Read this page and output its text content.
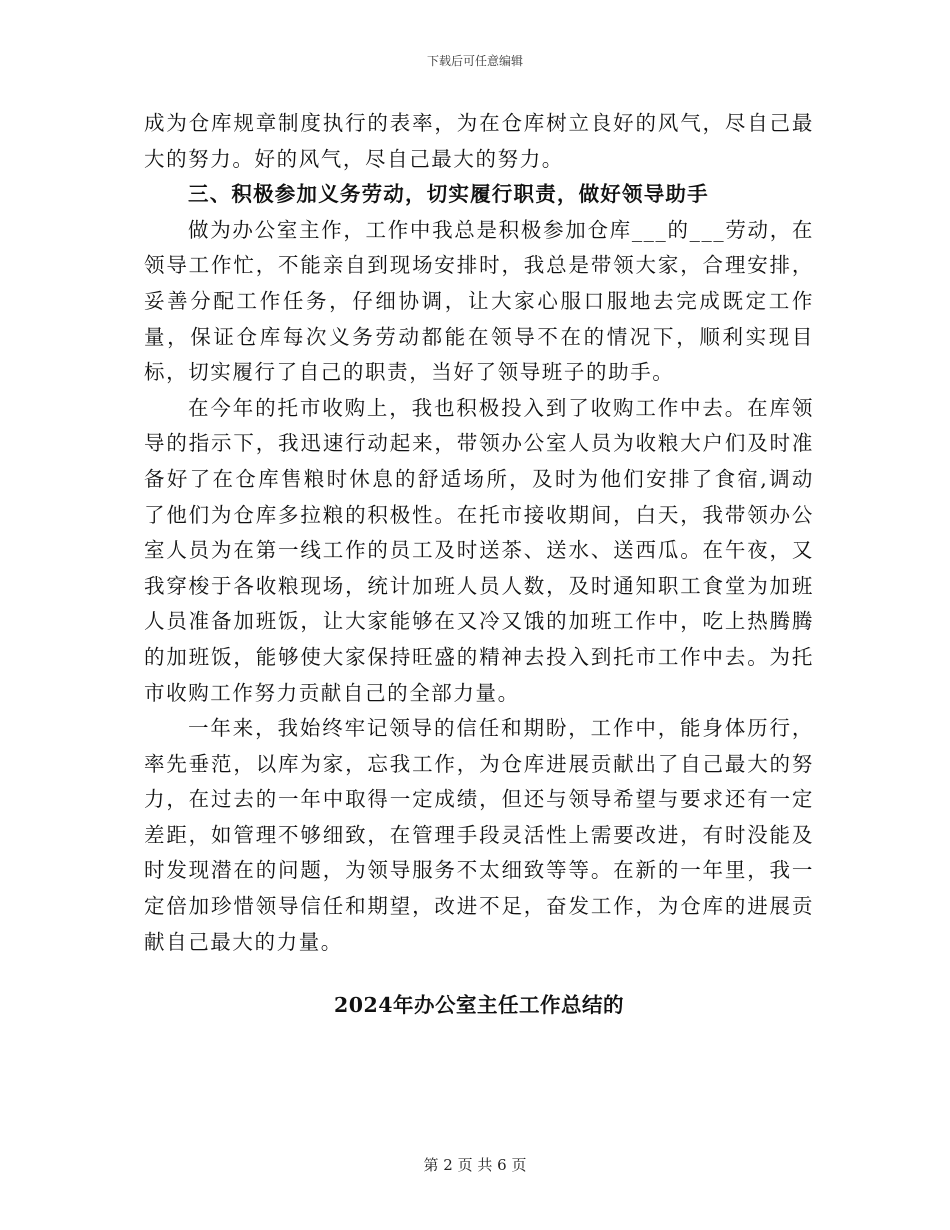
下载后可任意编辑

成为仓库规章制度执行的表率，为在仓库树立良好的风气，尽自己最大的努力。好的风气，尽自己最大的努力。

三、积极参加义务劳动，切实履行职责，做好领导助手

做为办公室主作，工作中我总是积极参加仓库___的___劳动，在领导工作忙，不能亲自到现场安排时，我总是带领大家，合理安排，妥善分配工作任务，仔细协调，让大家心服口服地去完成既定工作量，保证仓库每次义务劳动都能在领导不在的情况下，顺利实现目标，切实履行了自己的职责，当好了领导班子的助手。

在今年的托市收购上，我也积极投入到了收购工作中去。在库领导的指示下，我迅速行动起来，带领办公室人员为收粮大户们及时准备好了在仓库售粮时休息的舒适场所，及时为他们安排了食宿,调动了他们为仓库多拉粮的积极性。在托市接收期间，白天，我带领办公室人员为在第一线工作的员工及时送茶、送水、送西瓜。在午夜，又我穿梭于各收粮现场，统计加班人员人数，及时通知职工食堂为加班人员准备加班饭，让大家能够在又冷又饿的加班工作中，吃上热腾腾的加班饭，能够使大家保持旺盛的精神去投入到托市工作中去。为托市收购工作努力贡献自己的全部力量。

一年来，我始终牢记领导的信任和期盼，工作中，能身体历行，率先垂范，以库为家，忘我工作，为仓库进展贡献出了自己最大的努力，在过去的一年中取得一定成绩，但还与领导希望与要求还有一定差距，如管理不够细致，在管理手段灵活性上需要改进，有时没能及时发现潜在的问题，为领导服务不太细致等等。在新的一年里，我一定倍加珍惜领导信任和期望，改进不足，奋发工作，为仓库的进展贡献自己最大的力量。

2024年办公室主任工作总结的

第 2 页 共 6 页
